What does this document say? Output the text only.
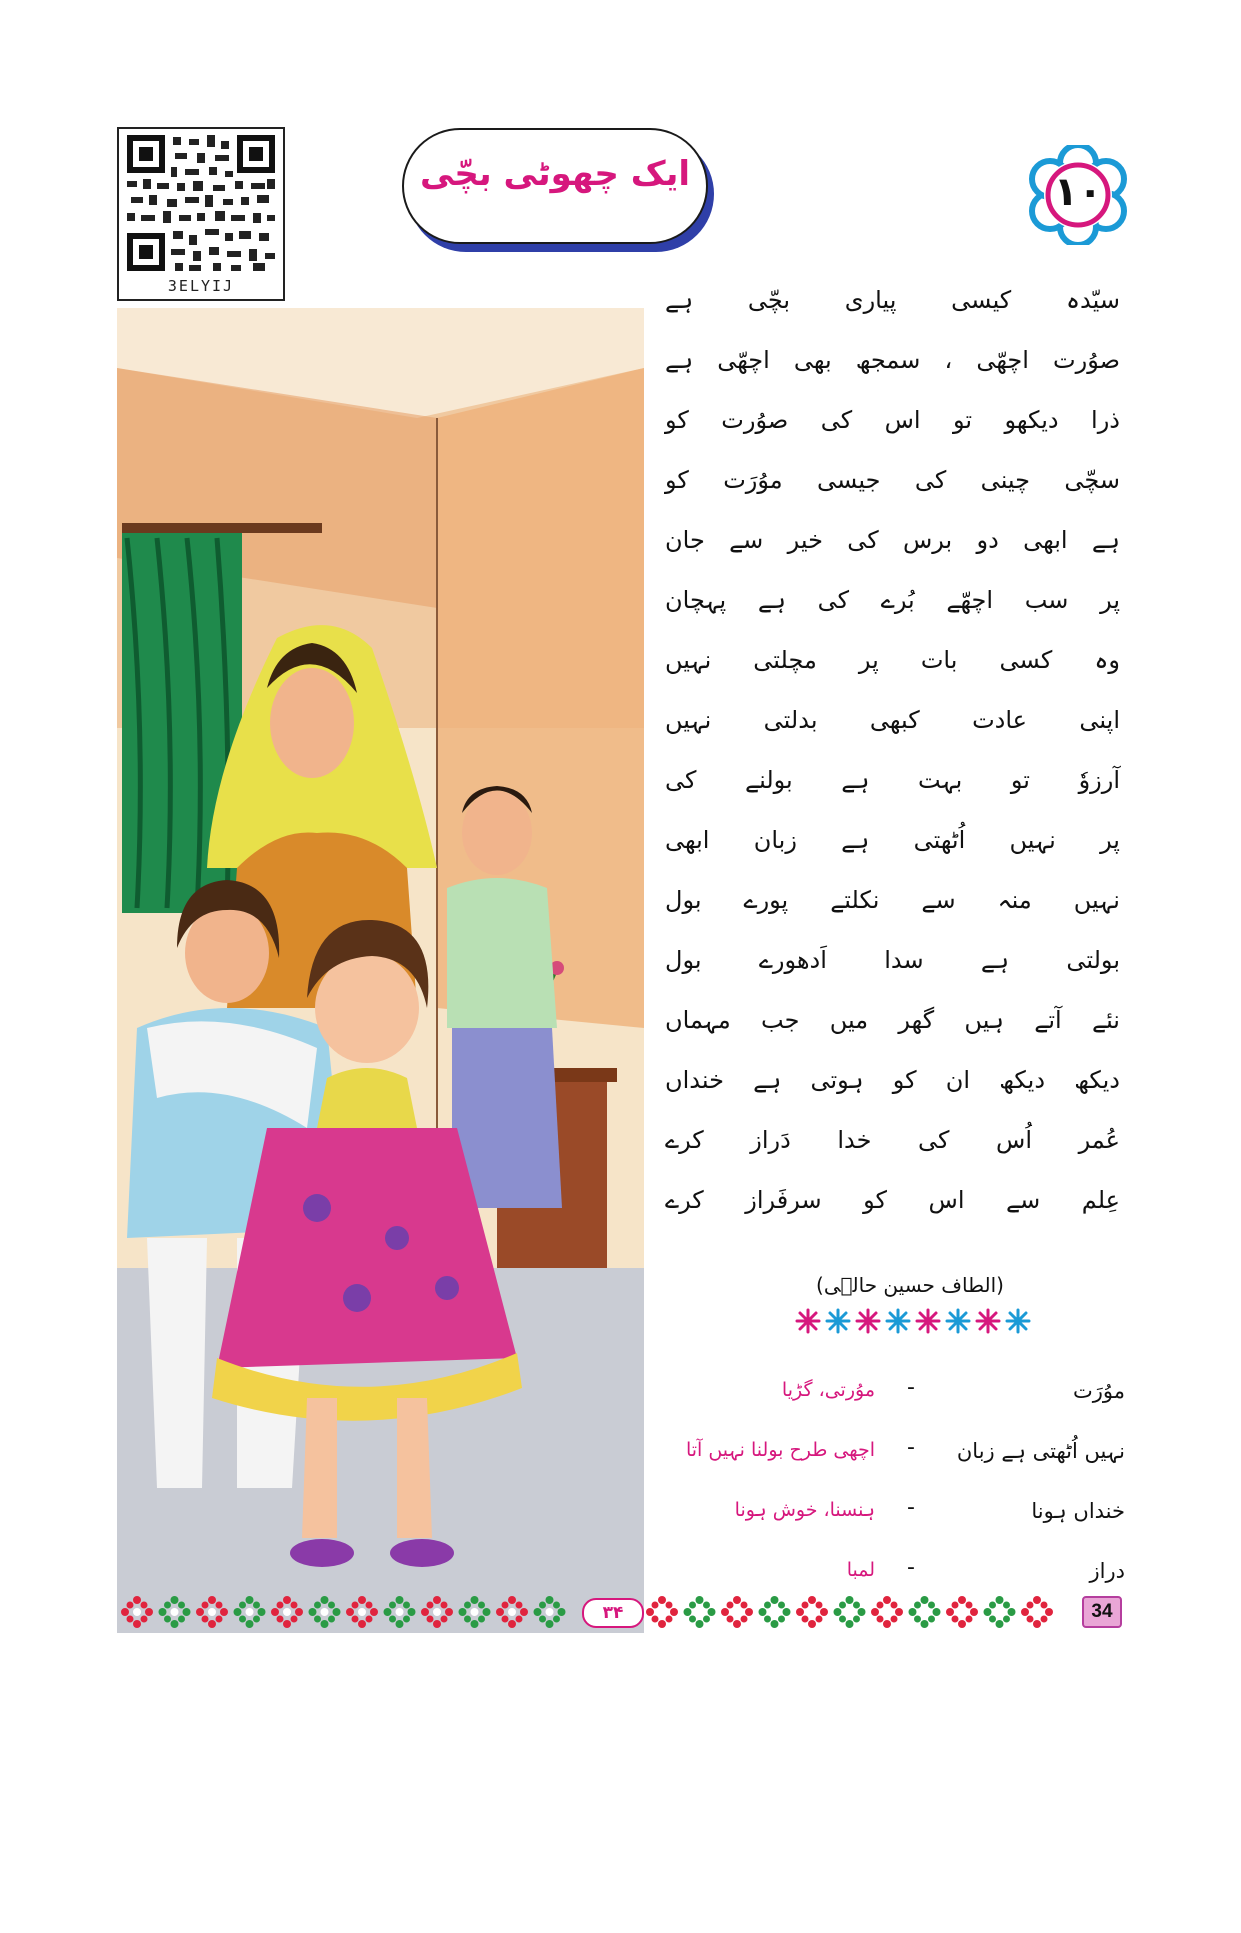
3ELYIJ
ایک چھوٹی بچّی	۱۰
سیّدہ کیسی پیاری بچّی ہے
صوُرت اچھّی ، سمجھ بھی اچھّی ہے
ذرا دیکھو تو اس کی صوُرت کو
سچّی چینی کی جیسی موُرَت کو
ہے ابھی دو برس کی خیر سے جان
پر سب اچھّے بُرے کی ہے پہچان
وہ کسی بات پر مچلتی نہیں
اپنی عادت کبھی بدلتی نہیں
آرزوٗ تو بہت ہے بولنے کی
پر نہیں اُٹھتی ہے زبان ابھی
نہیں منہ سے نکلتے پورے بول
بولتی ہے سدا اَدھورے بول
نئے آتے ہیں گھر میں جب مہماں
دیکھ دیکھ ان کو ہوتی ہے خنداں
عُمر اُس کی خدا دَراز کرے
عِلم سے اس کو سرفَراز کرے
(الطاف حسین حالؔی)
موُرَت
-
موُرتی، گڑیا
نہیں اُٹھتی ہے زبان
-
اچھی طرح بولنا نہیں آتا
خنداں ہونا
-
ہنسنا، خوش ہونا
دراز
-
لمبا
۳۴	34
